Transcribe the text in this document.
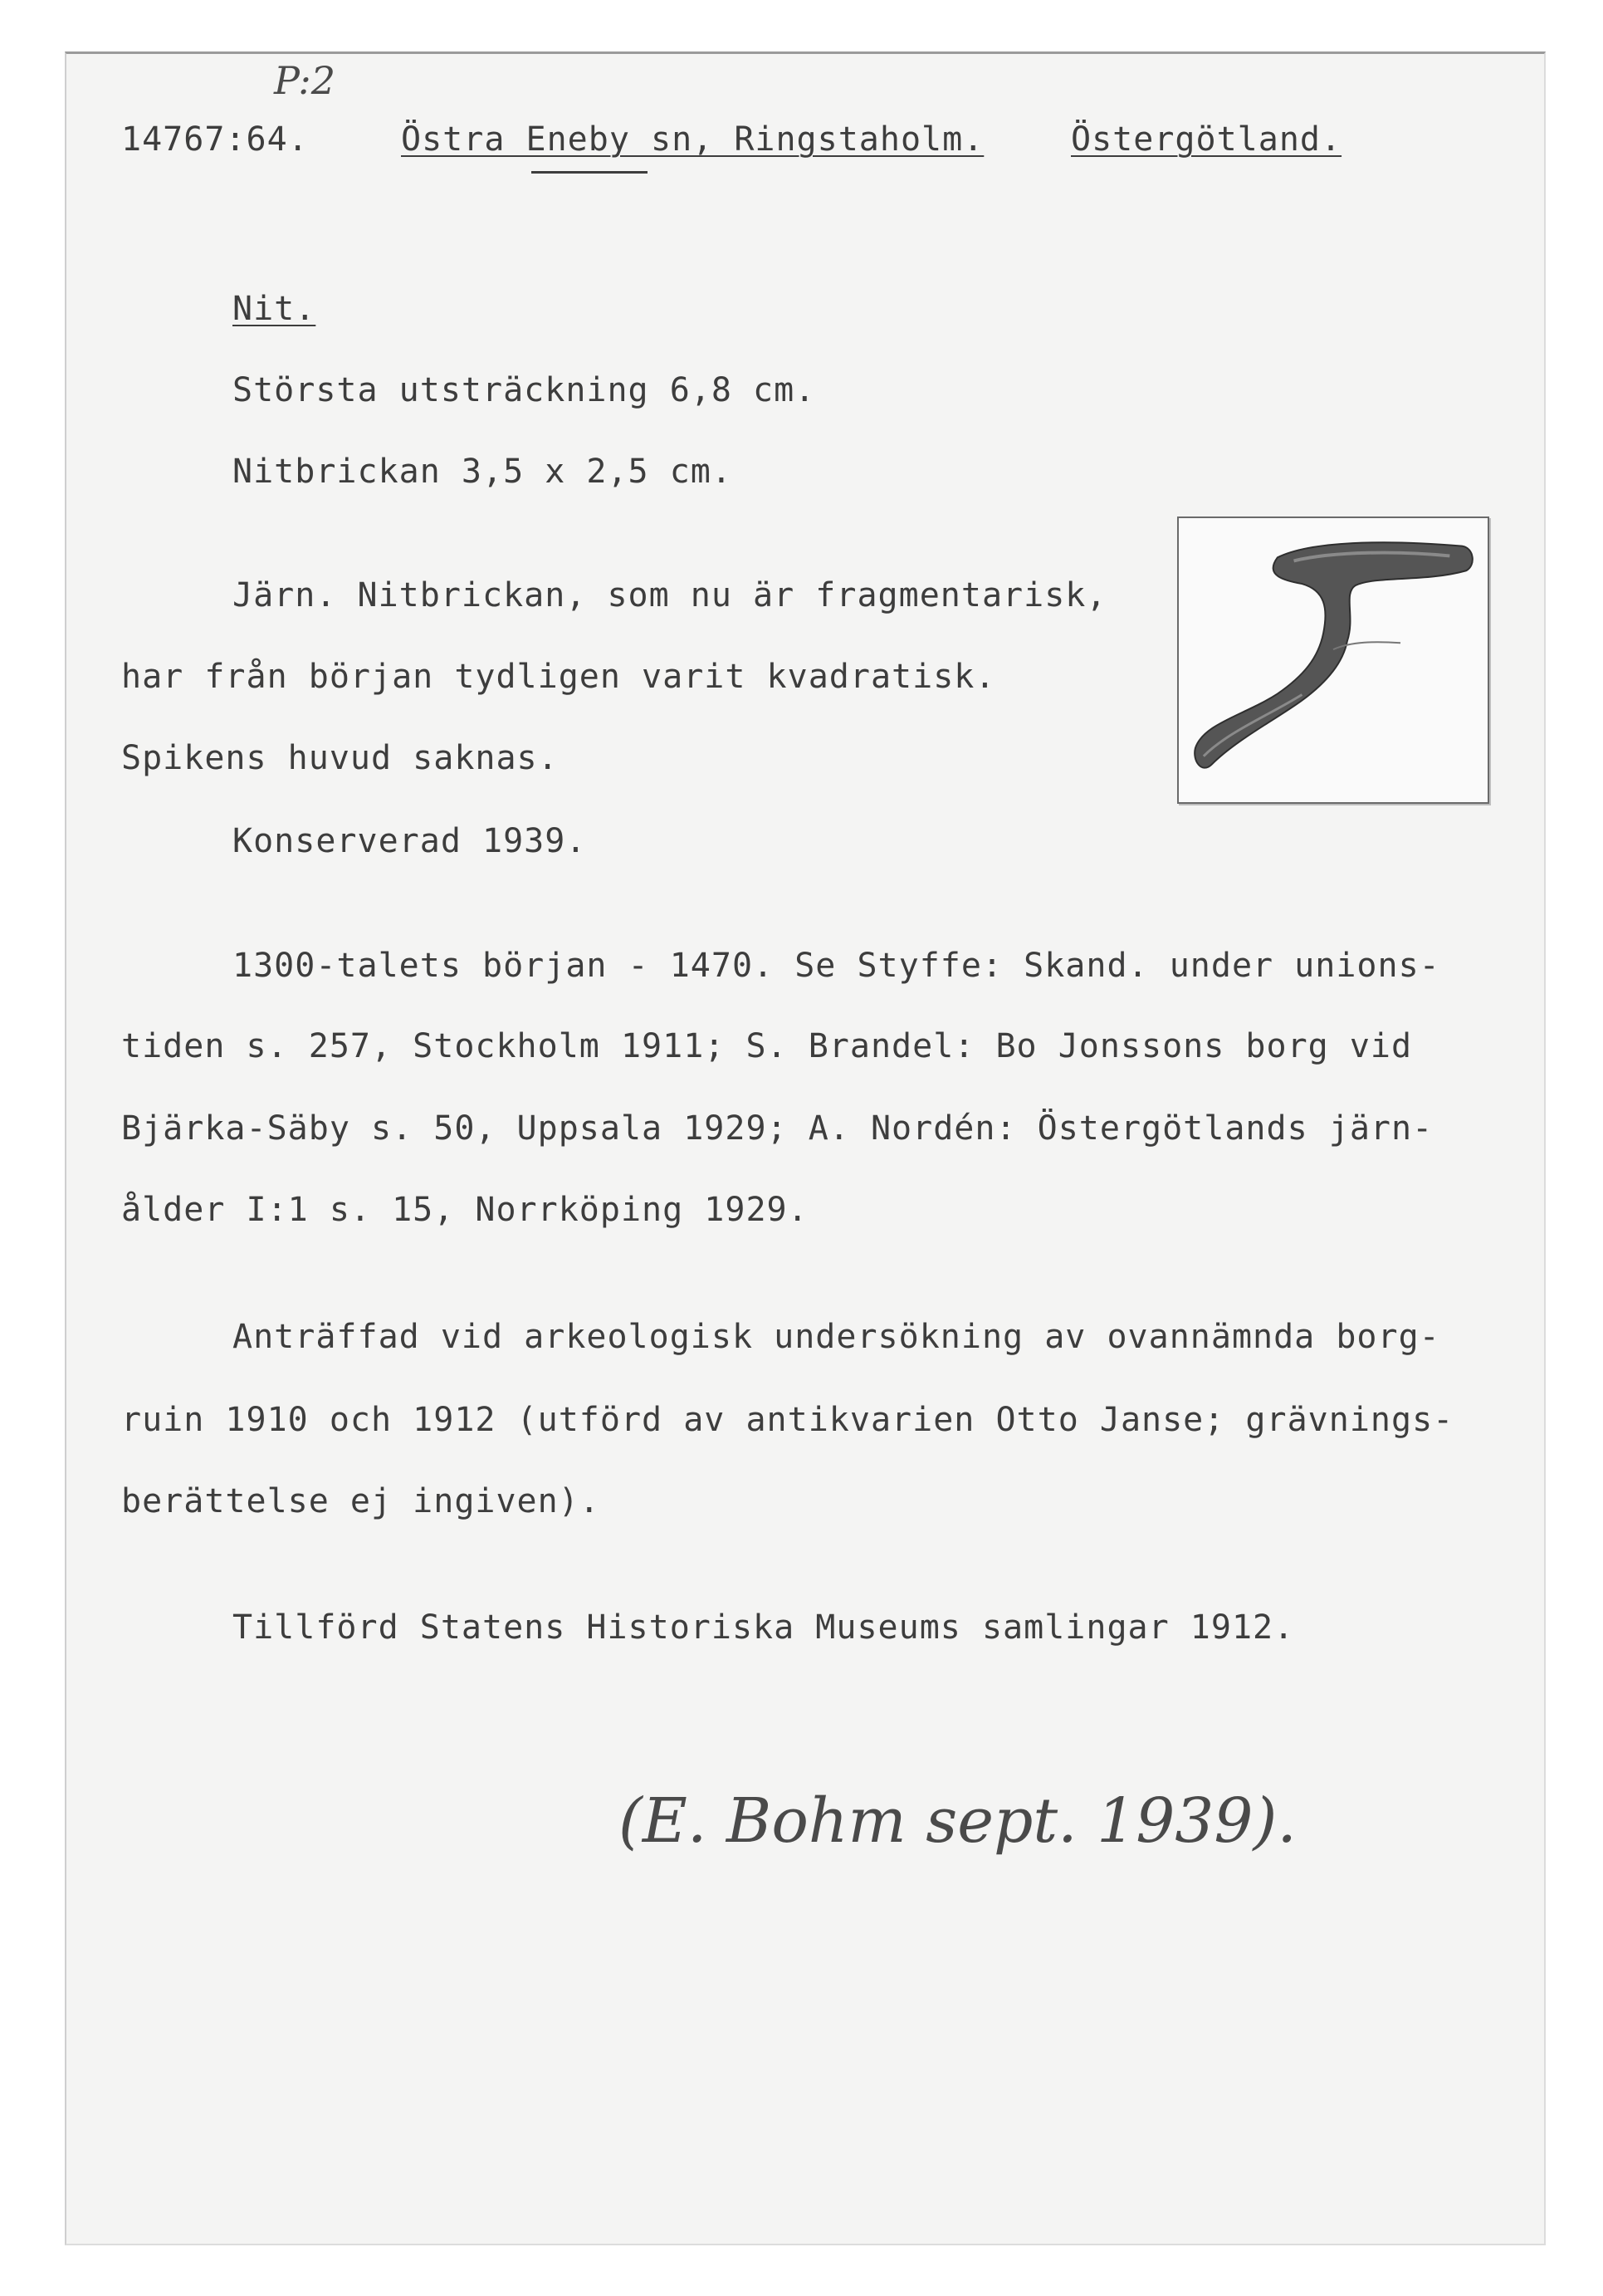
P:2
14767:64.	Östra Eneby sn, Ringstaholm.	Östergötland.
Nit.
Största utsträckning 6,8 cm.
Nitbrickan 3,5 x 2,5 cm.
Järn. Nitbrickan, som nu är fragmentarisk,
har från början tydligen varit kvadratisk.
Spikens huvud saknas.
Konserverad 1939.
1300-talets början - 1470. Se Styffe: Skand. under unions-
tiden s. 257, Stockholm 1911; S. Brandel: Bo Jonssons borg vid
Bjärka-Säby s. 50, Uppsala 1929; A. Nordén: Östergötlands järn-
ålder I:1 s. 15, Norrköping 1929.
Anträffad vid arkeologisk undersökning av ovannämnda borg-
ruin 1910 och 1912 (utförd av antikvarien Otto Janse; grävnings-
berättelse ej ingiven).
Tillförd Statens Historiska Museums samlingar 1912.
(E. Bohm sept. 1939).
